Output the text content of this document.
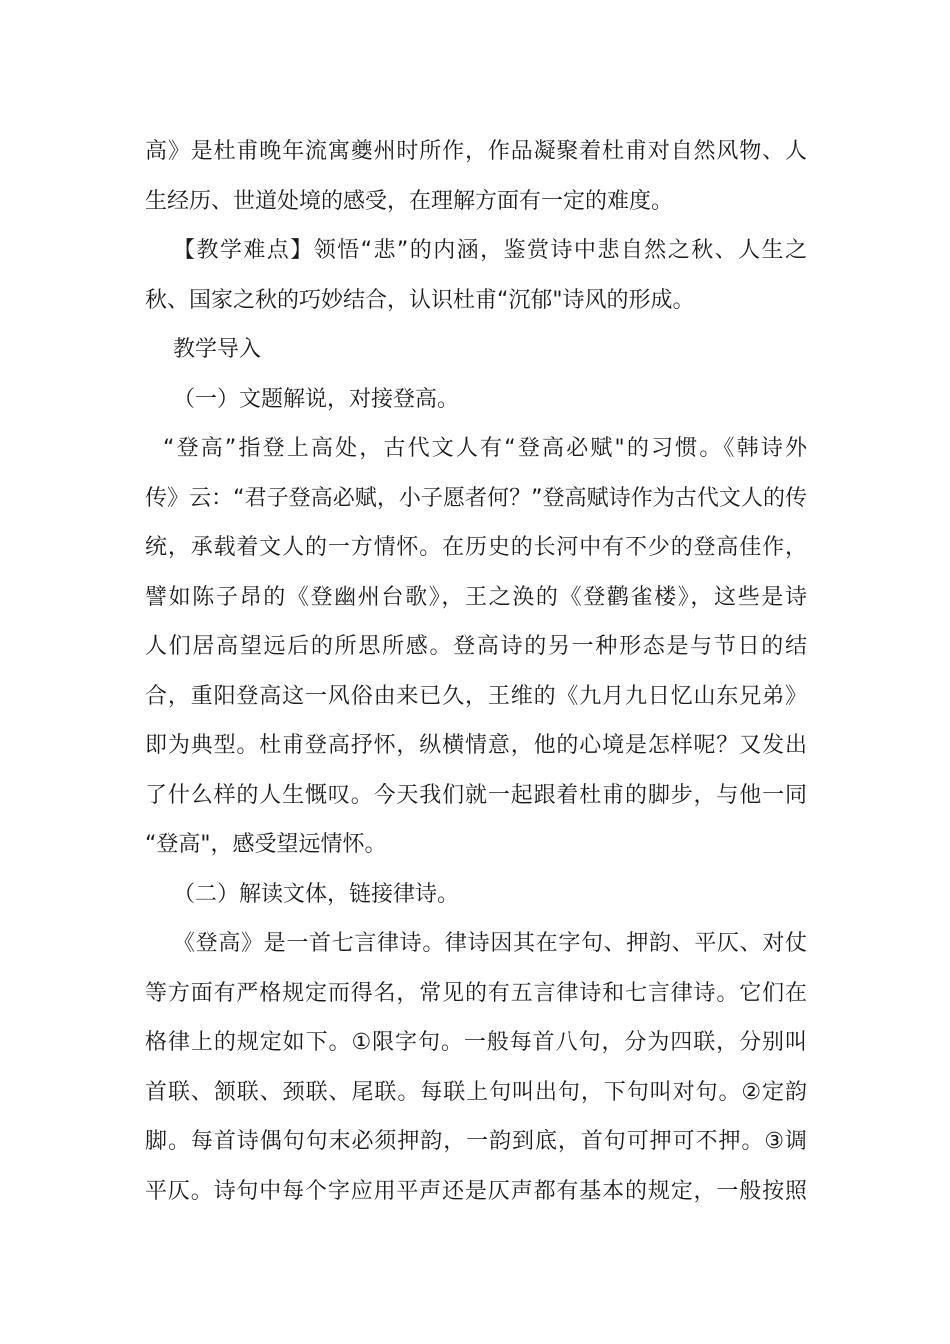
高》是杜甫晚年流寓夔州时所作，作品凝聚着杜甫对自然风物、人
生经历、世道处境的感受，在理解方面有一定的难度。
【教学难点】领悟“悲”的内涵，鉴赏诗中悲自然之秋、人生之
秋、国家之秋的巧妙结合，认识杜甫“沉郁"诗风的形成。
教学导入
（一）文题解说，对接登高。
“登高”指登上高处，古代文人有“登高必赋"的习惯。《韩诗外
传》云：“君子登高必赋，小子愿者何？”登高赋诗作为古代文人的传
统，承载着文人的一方情怀。在历史的长河中有不少的登高佳作，
譬如陈子昂的《登幽州台歌》，王之涣的《登鹳雀楼》，这些是诗
人们居高望远后的所思所感。登高诗的另一种形态是与节日的结
合，重阳登高这一风俗由来已久，王维的《九月九日忆山东兄弟》
即为典型。杜甫登高抒怀，纵横情意，他的心境是怎样呢？又发出
了什么样的人生慨叹。今天我们就一起跟着杜甫的脚步，与他一同
“登高"，感受望远情怀。
（二）解读文体，链接律诗。
《登高》是一首七言律诗。律诗因其在字句、押韵、平仄、对仗
等方面有严格规定而得名，常见的有五言律诗和七言律诗。它们在
格律上的规定如下。①限字句。一般每首八句，分为四联，分别叫
首联、颔联、颈联、尾联。每联上句叫出句，下句叫对句。②定韵
脚。每首诗偶句句末必须押韵，一韵到底，首句可押可不押。③调
平仄。诗句中每个字应用平声还是仄声都有基本的规定，一般按照
